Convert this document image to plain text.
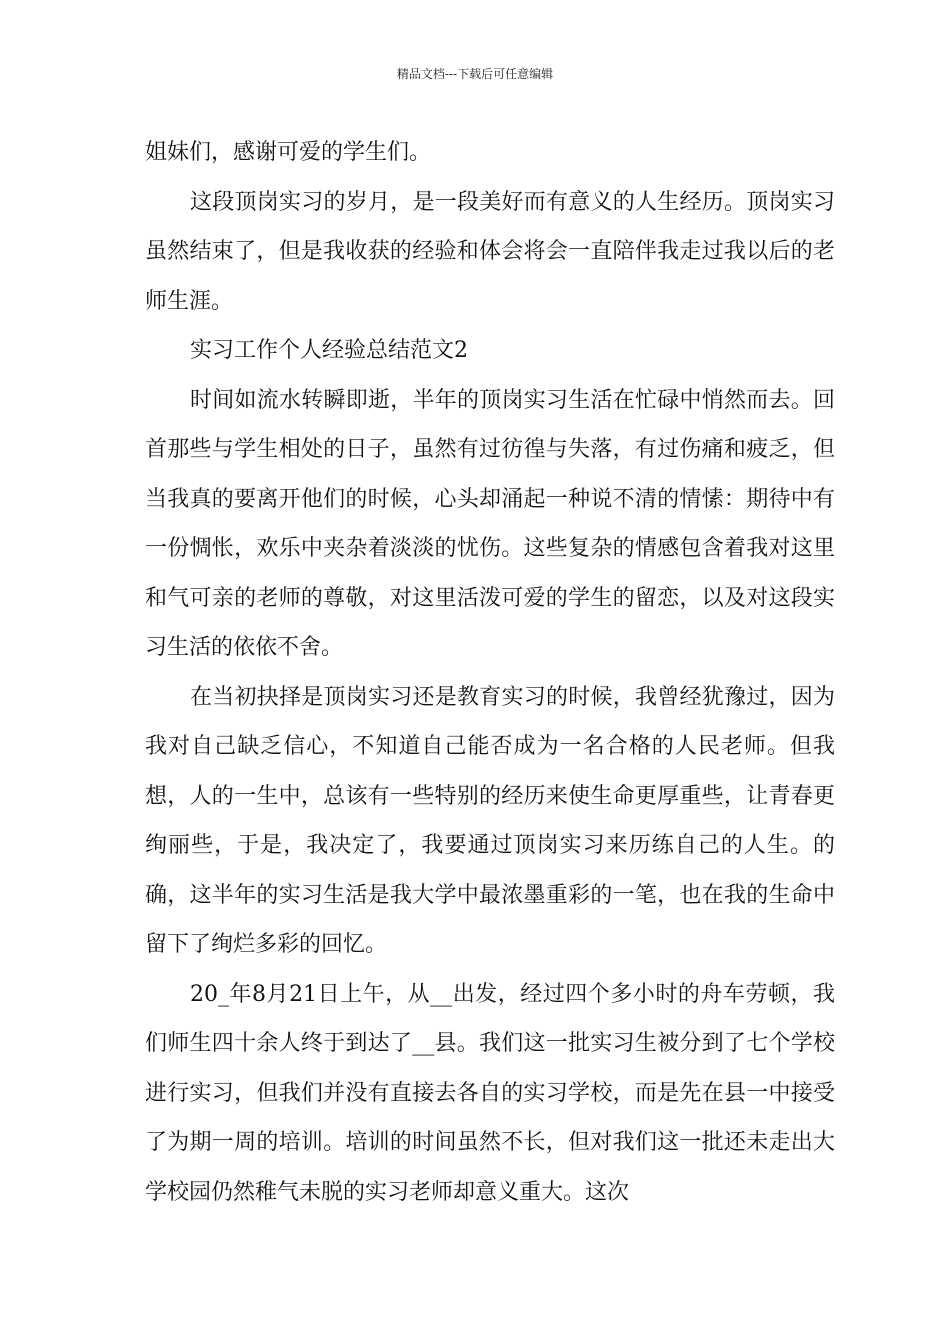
精品文档---下载后可任意编辑

姐妹们，感谢可爱的学生们。

这段顶岗实习的岁月，是一段美好而有意义的人生经历。顶岗实习虽然结束了，但是我收获的经验和体会将会一直陪伴我走过我以后的老师生涯。

实习工作个人经验总结范文2

时间如流水转瞬即逝，半年的顶岗实习生活在忙碌中悄然而去。回首那些与学生相处的日子，虽然有过彷徨与失落，有过伤痛和疲乏，但当我真的要离开他们的时候，心头却涌起一种说不清的情愫：期待中有一份惆怅，欢乐中夹杂着淡淡的忧伤。这些复杂的情感包含着我对这里和气可亲的老师的尊敬，对这里活泼可爱的学生的留恋，以及对这段实习生活的依依不舍。

在当初抉择是顶岗实习还是教育实习的时候，我曾经犹豫过，因为我对自己缺乏信心，不知道自己能否成为一名合格的人民老师。但我想，人的一生中，总该有一些特别的经历来使生命更厚重些，让青春更绚丽些，于是，我决定了，我要通过顶岗实习来历练自己的人生。的确，这半年的实习生活是我大学中最浓墨重彩的一笔，也在我的生命中留下了绚烂多彩的回忆。

20_年8月21日上午，从__出发，经过四个多小时的舟车劳顿，我们师生四十余人终于到达了__县。我们这一批实习生被分到了七个学校进行实习，但我们并没有直接去各自的实习学校，而是先在县一中接受了为期一周的培训。培训的时间虽然不长，但对我们这一批还未走出大学校园仍然稚气未脱的实习老师却意义重大。这次
